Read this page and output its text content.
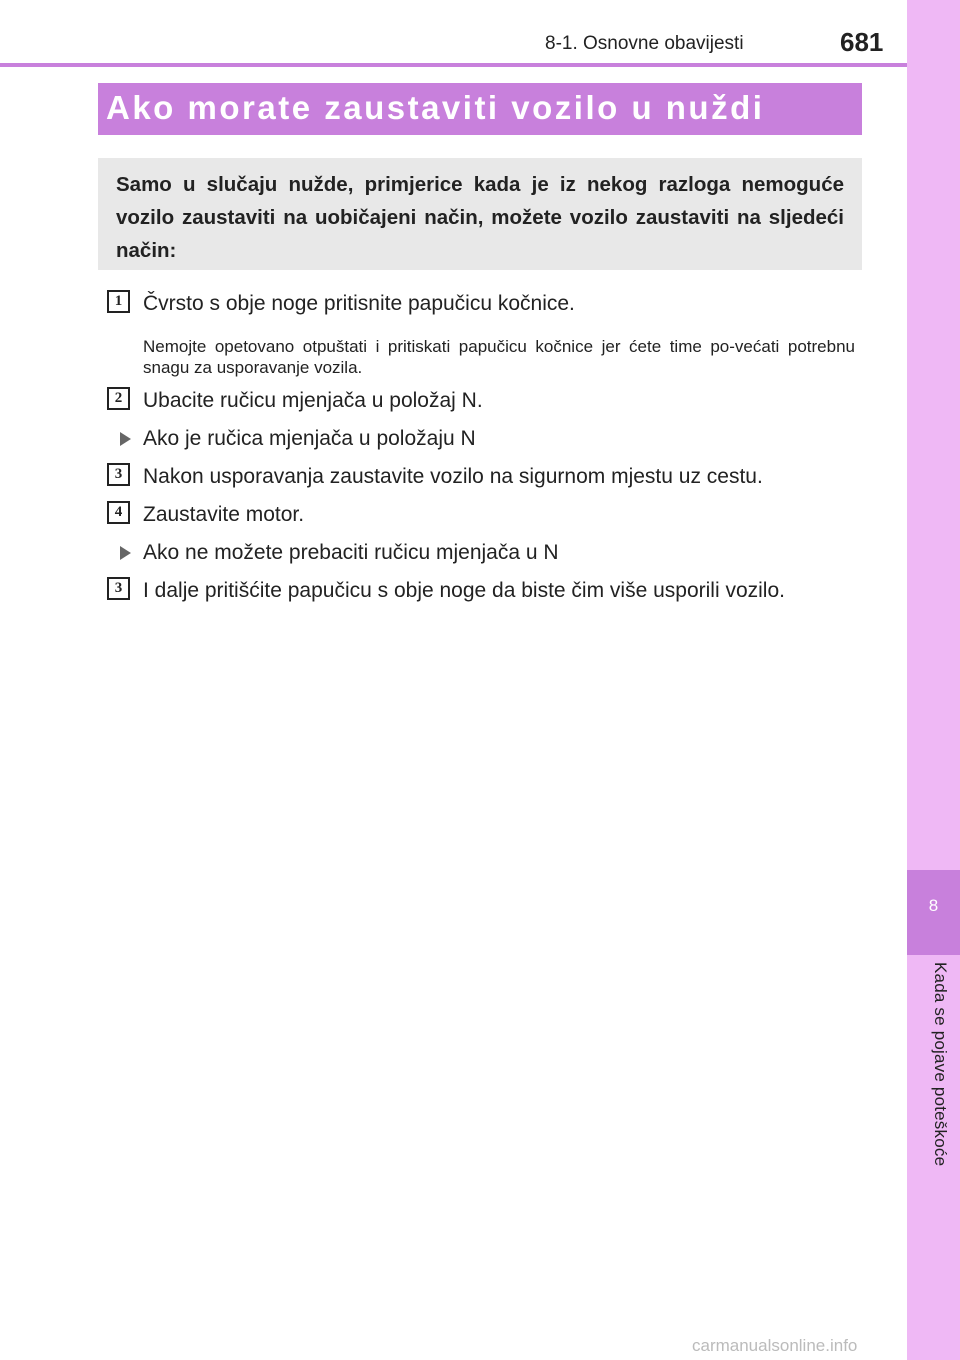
8
Kada se pojave poteškoće
8-1. Osnovne obavijesti	681
Ako morate zaustaviti vozilo u nuždi
Samo u slučaju nužde, primjerice kada je iz nekog razloga nemoguće vozilo zaustaviti na uobičajeni način, možete vozilo zaustaviti na sljedeći način:
1 Čvrsto s obje noge pritisnite papučicu kočnice.
Nemojte opetovano otpuštati i pritiskati papučicu kočnice jer ćete time po-većati potrebnu snagu za usporavanje vozila.
2 Ubacite ručicu mjenjača u položaj N.
Ako je ručica mjenjača u položaju N
3 Nakon usporavanja zaustavite vozilo na sigurnom mjestu uz cestu.
4 Zaustavite motor.
Ako ne možete prebaciti ručicu mjenjača u N
3 I dalje pritišćite papučicu s obje noge da biste čim više usporili vozilo.
carmanualsonline.info
